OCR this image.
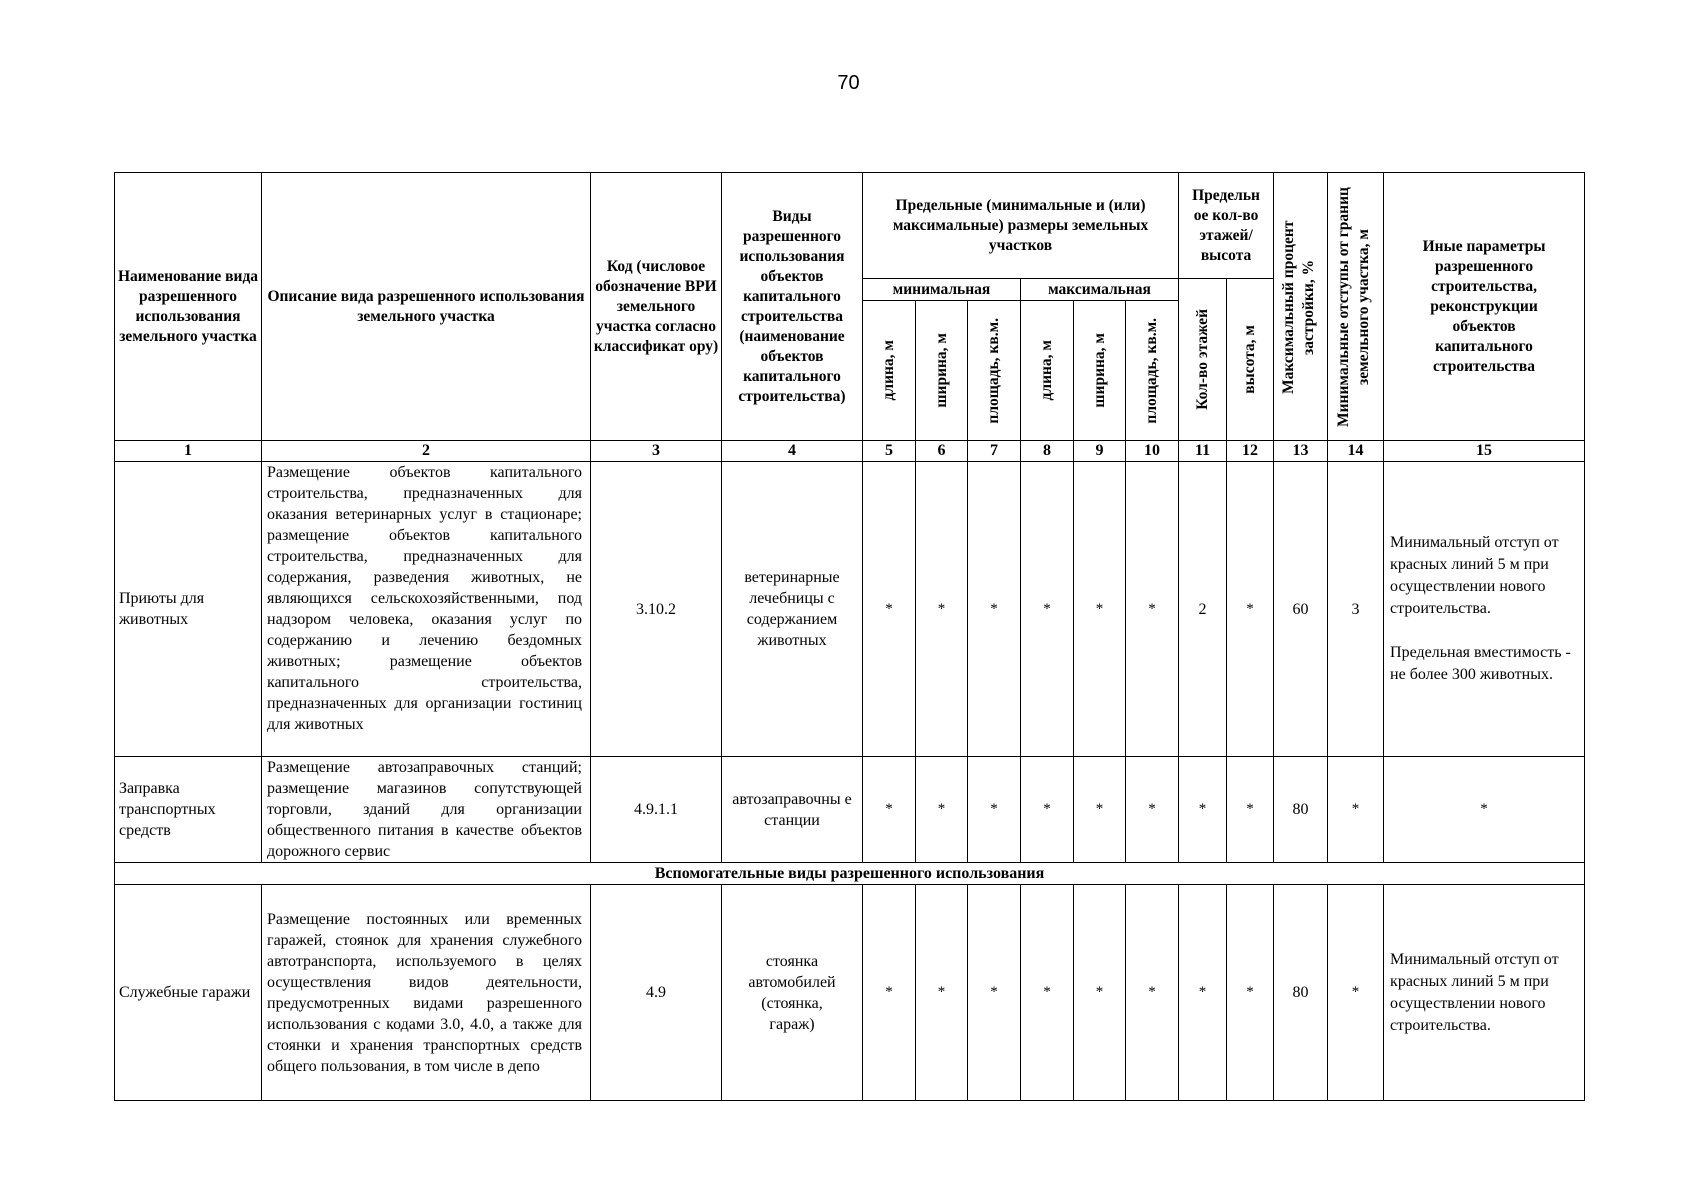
70
Наименование вида разрешенного использования земельного участка	Описание вида разрешенного использования земельного участка	Код (числовое обозначение ВРИ земельного участка согласно классификат ору)	Виды разрешенного использования объектов капитального строительства (наименование объектов капитального строительства)	Предельные (минимальные и (или) максимальные) размеры земельных участков						Предельн ое кол-во этажей/ высота		Максимальный процент застройки, %	Минимальные отступы от границ земельного участка, м	Иные параметры разрешенного строительства, реконструкции объектов капитального строительства
				минимальная			максимальная			Кол-во этажей	высота, м			

				длина, м	ширина, м	площадь, кв.м.	длина, м	ширина, м	площадь, кв.м.					

1	2	3	4	5	6	7	8	9	10	11	12	13	14	15
Приюты для животных	Размещение объектов капитального строительства, предназначенных для оказания ветеринарных услуг в стационаре; размещение объектов капитального строительства, предназначенных для содержания, разведения животных, не являющихся сельскохозяйственными, под надзором человека, оказания услуг по содержанию и лечению бездомных животных; размещение объектов капитального строительства, предназначенных для организации гостиниц для животных	3.10.2	ветеринарные лечебницы с содержанием животных	*	*	*	*	*	*	2	*	60	3	Минимальный отступ от красных линий 5 м при осуществлении нового строительства.
Предельная вместимость - не более 300 животных.

Заправка транспортных средств	Размещение автозаправочных станций; размещение магазинов сопутствующей торговли, зданий для организации общественного питания в качестве объектов дорожного сервис	4.9.1.1	автозаправочны е станции	*	*	*	*	*	*	*	*	80	*	*
Вспомогательные виды разрешенного использования														
Служебные гаражи	Размещение постоянных или временных гаражей, стоянок для хранения служебного автотранспорта, используемого в целях осуществления видов деятельности, предусмотренных видами разрешенного использования с кодами 3.0, 4.0, а также для стоянки и хранения транспортных средств общего пользования, в том числе в депо	4.9	стоянка автомобилей (стоянка, гараж)	*	*	*	*	*	*	*	*	80	*	Минимальный отступ от красных линий 5 м при осуществлении нового строительства.
